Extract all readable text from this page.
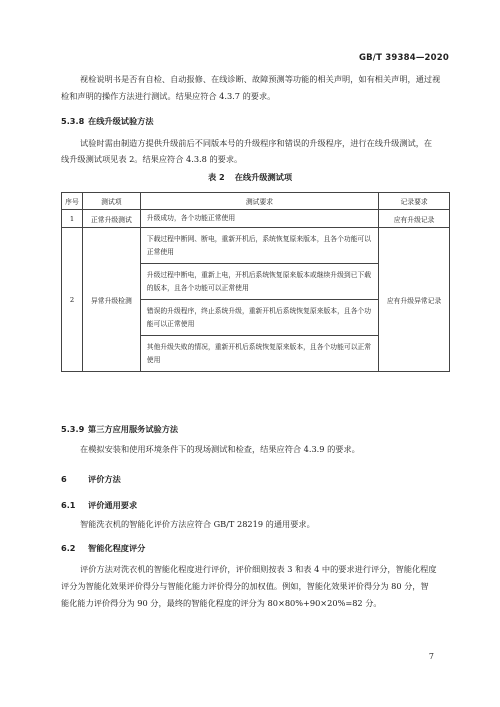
GB/T 39384—2020
视检说明书是否有自检、自动报修、在线诊断、故障预测等功能的相关声明，如有相关声明，通过视
检和声明的操作方法进行测试。结果应符合 4.3.7 的要求。
5.3.8 在线升级试验方法
试验时需由制造方提供升级前后不同版本号的升级程序和错误的升级程序，进行在线升级测试，在
线升级测试项见表 2。结果应符合 4.3.8 的要求。
表 2 在线升级测试项
序号	测试项	测试要求	记录要求
1	正常升级测试	升级成功，各个功能正常使用	应有升级记录
2	异常升级检测	下载过程中断网、断电，重新开机后，系统恢复原来版本，且各个功能可以正常使用	应有升级异常记录
		升级过程中断电，重新上电，开机后系统恢复原来版本或继续升级到已下载的版本，且各个功能可以正常使用	
		错误的升级程序，终止系统升级，重新开机后系统恢复原来版本，且各个功能可以正常使用	
		其他升级失败的情况，重新开机后系统恢复原来版本，且各个功能可以正常使用	
5.3.9 第三方应用服务试验方法
在模拟安装和使用环境条件下的现场测试和检查，结果应符合 4.3.9 的要求。
6	评价方法
6.1 评价通用要求
智能洗衣机的智能化评价方法应符合 GB/T 28219 的通用要求。
6.2 智能化程度评分
评价方法对洗衣机的智能化程度进行评价，评价细则按表 3 和表 4 中的要求进行评分，智能化程度
评分为智能化效果评价得分与智能化能力评价得分的加权值。例如，智能化效果评价得分为 80 分，智
能化能力评价得分为 90 分，最终的智能化程度的评分为 80×80%+90×20%=82 分。
7
